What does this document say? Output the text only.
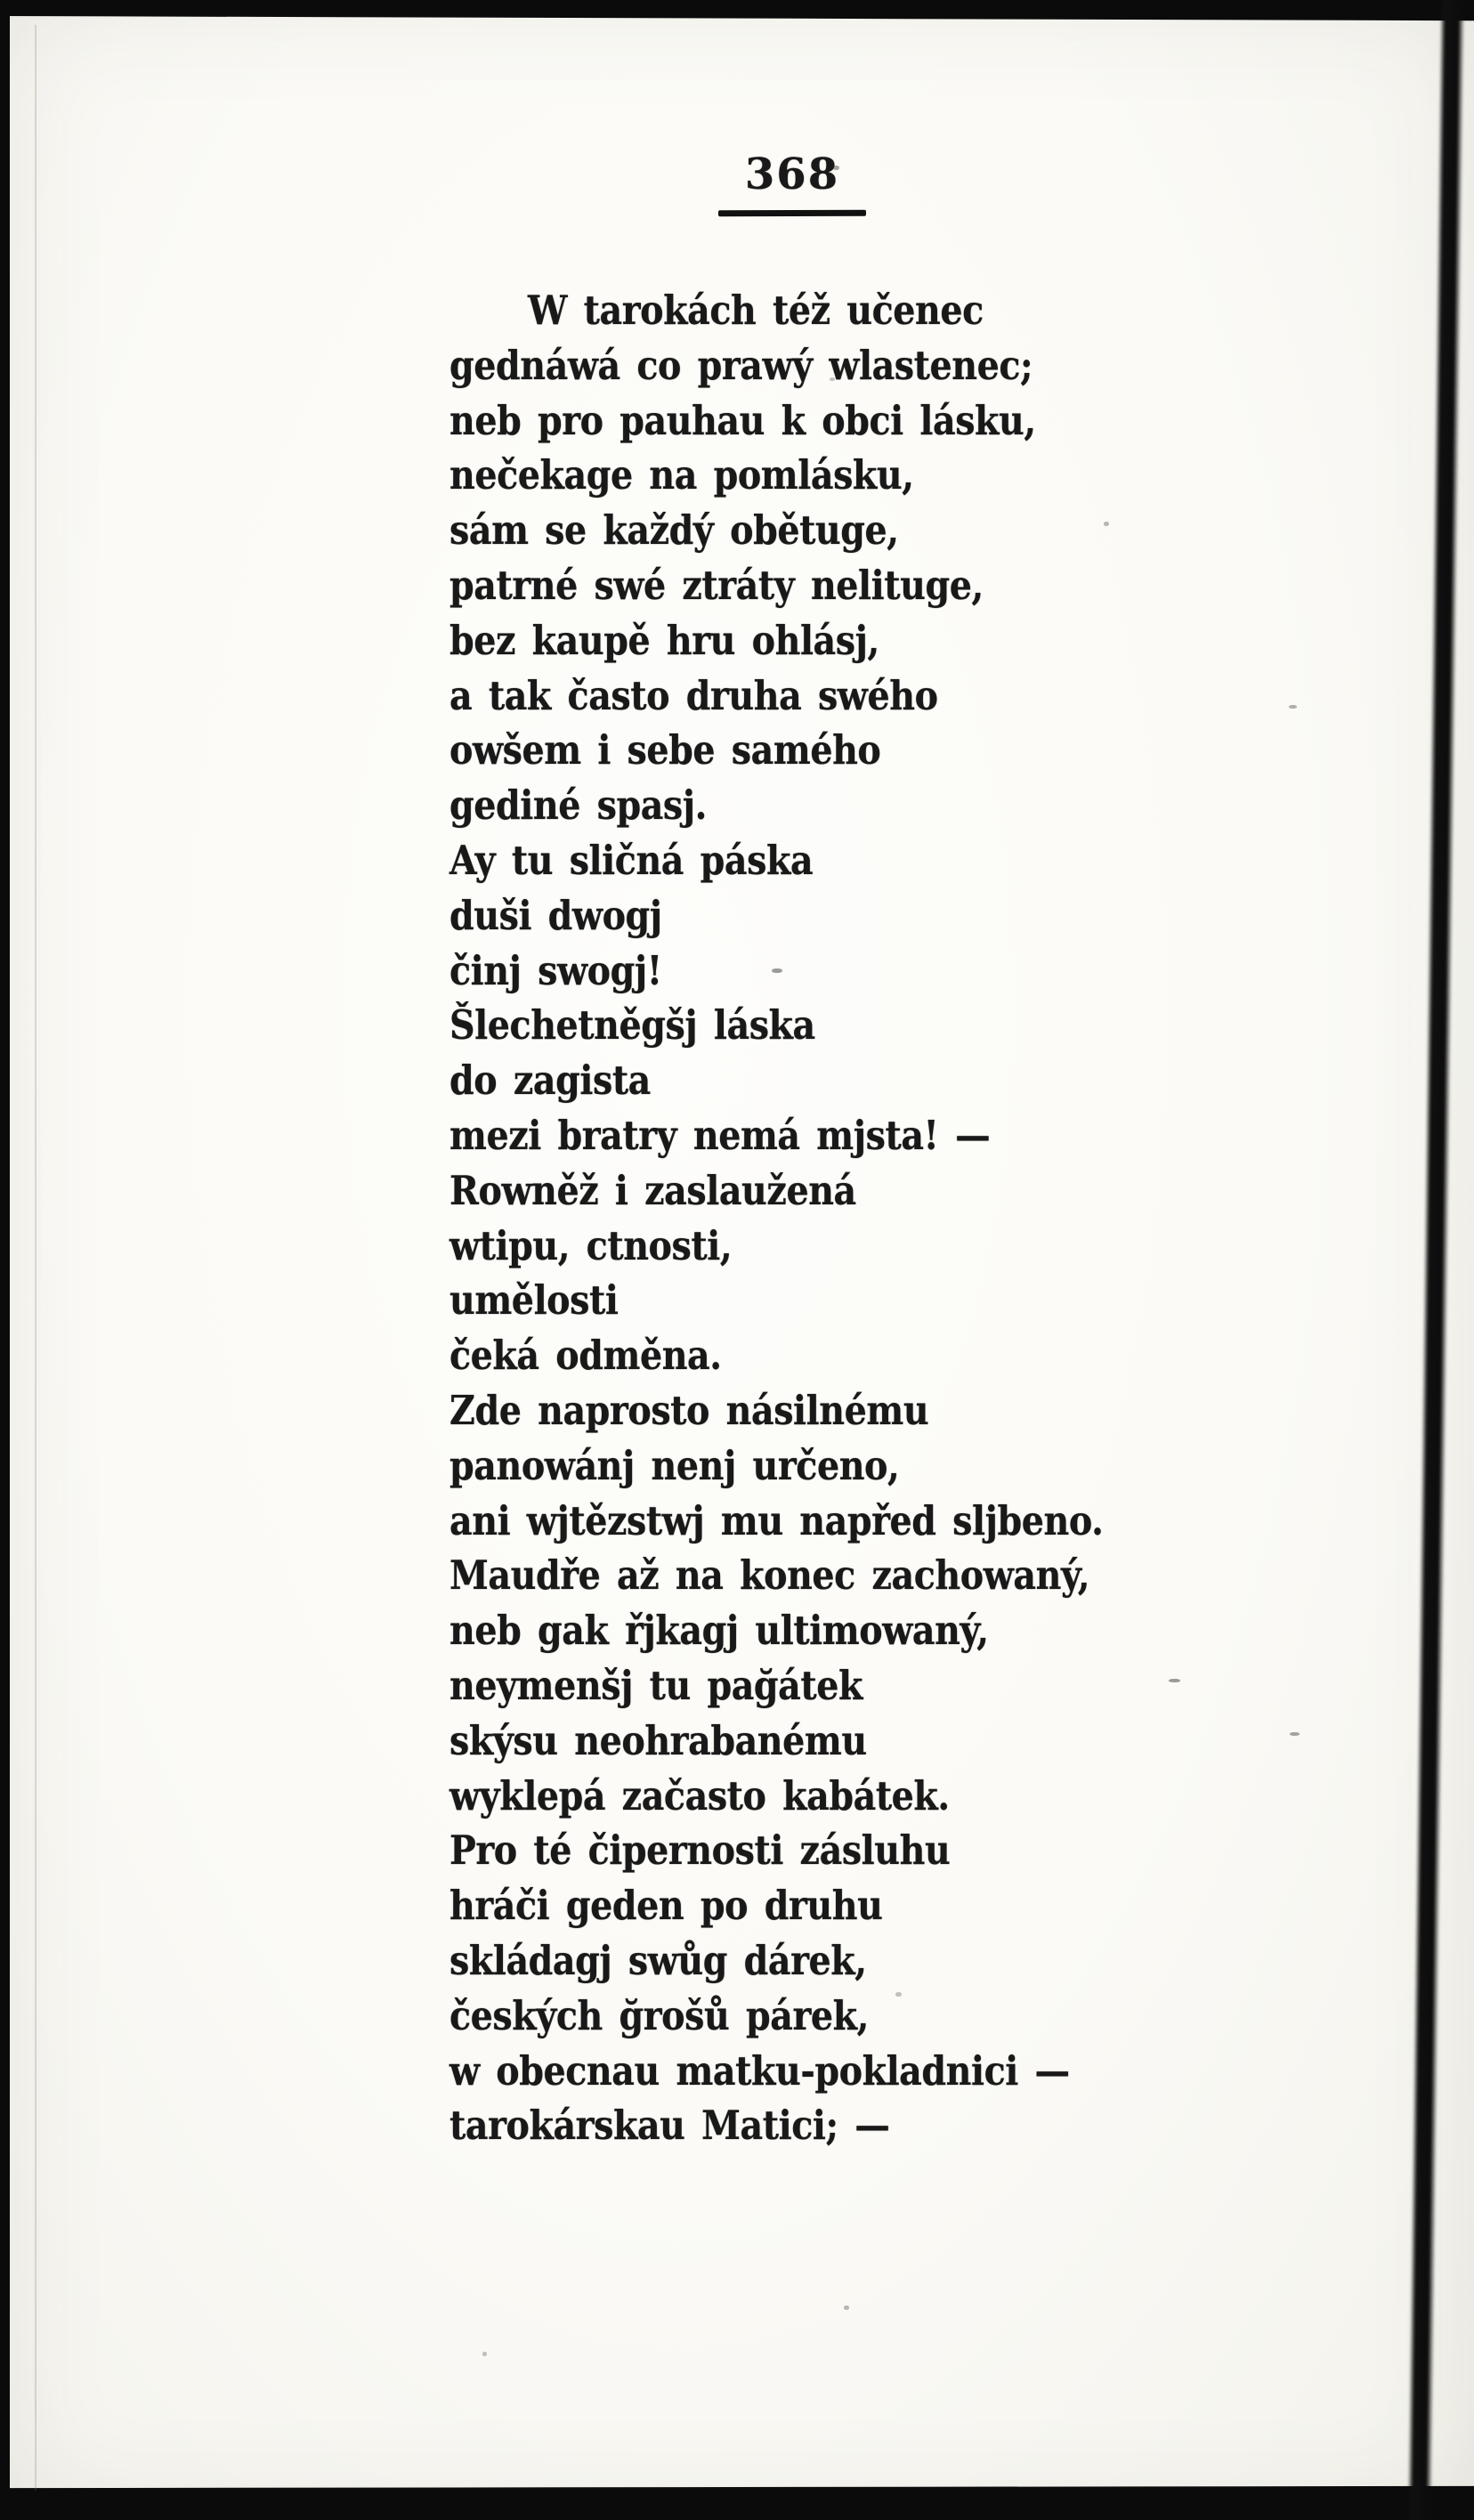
368

W tarokách též učenec

gednáwá co prawý wlastenec;

neb pro pauhau k obci lásku,

nečekage na pomlásku,

sám se každý obětuge,

patrné swé ztráty nelituge,

bez kaupě hru ohlásj,

a tak často druha swého

owšem i sebe samého

gediné spasj.

Ay tu sličná páska

duši dwogj

činj swogj!

Šlechetněgšj láska

do zagista

mezi bratry nemá mjsta! —

Rowněž i zaslaužená

wtipu, ctnosti,

umělosti

čeká odměna.

Zde naprosto násilnému

panowánj nenj určeno,

ani wjtězstwj mu napřed sljbeno.

Maudře až na konec zachowaný,

neb gak řjkagj ultimowaný,

neymenšj tu pağátek

skýsu neohrabanému

wyklepá začasto kabátek.

Pro té čipernosti zásluhu

hráči geden po druhu

skládagj swůg dárek,

českých ğrošů párek,

w obecnau matku-pokladnici —

tarokárskau Matici; —
